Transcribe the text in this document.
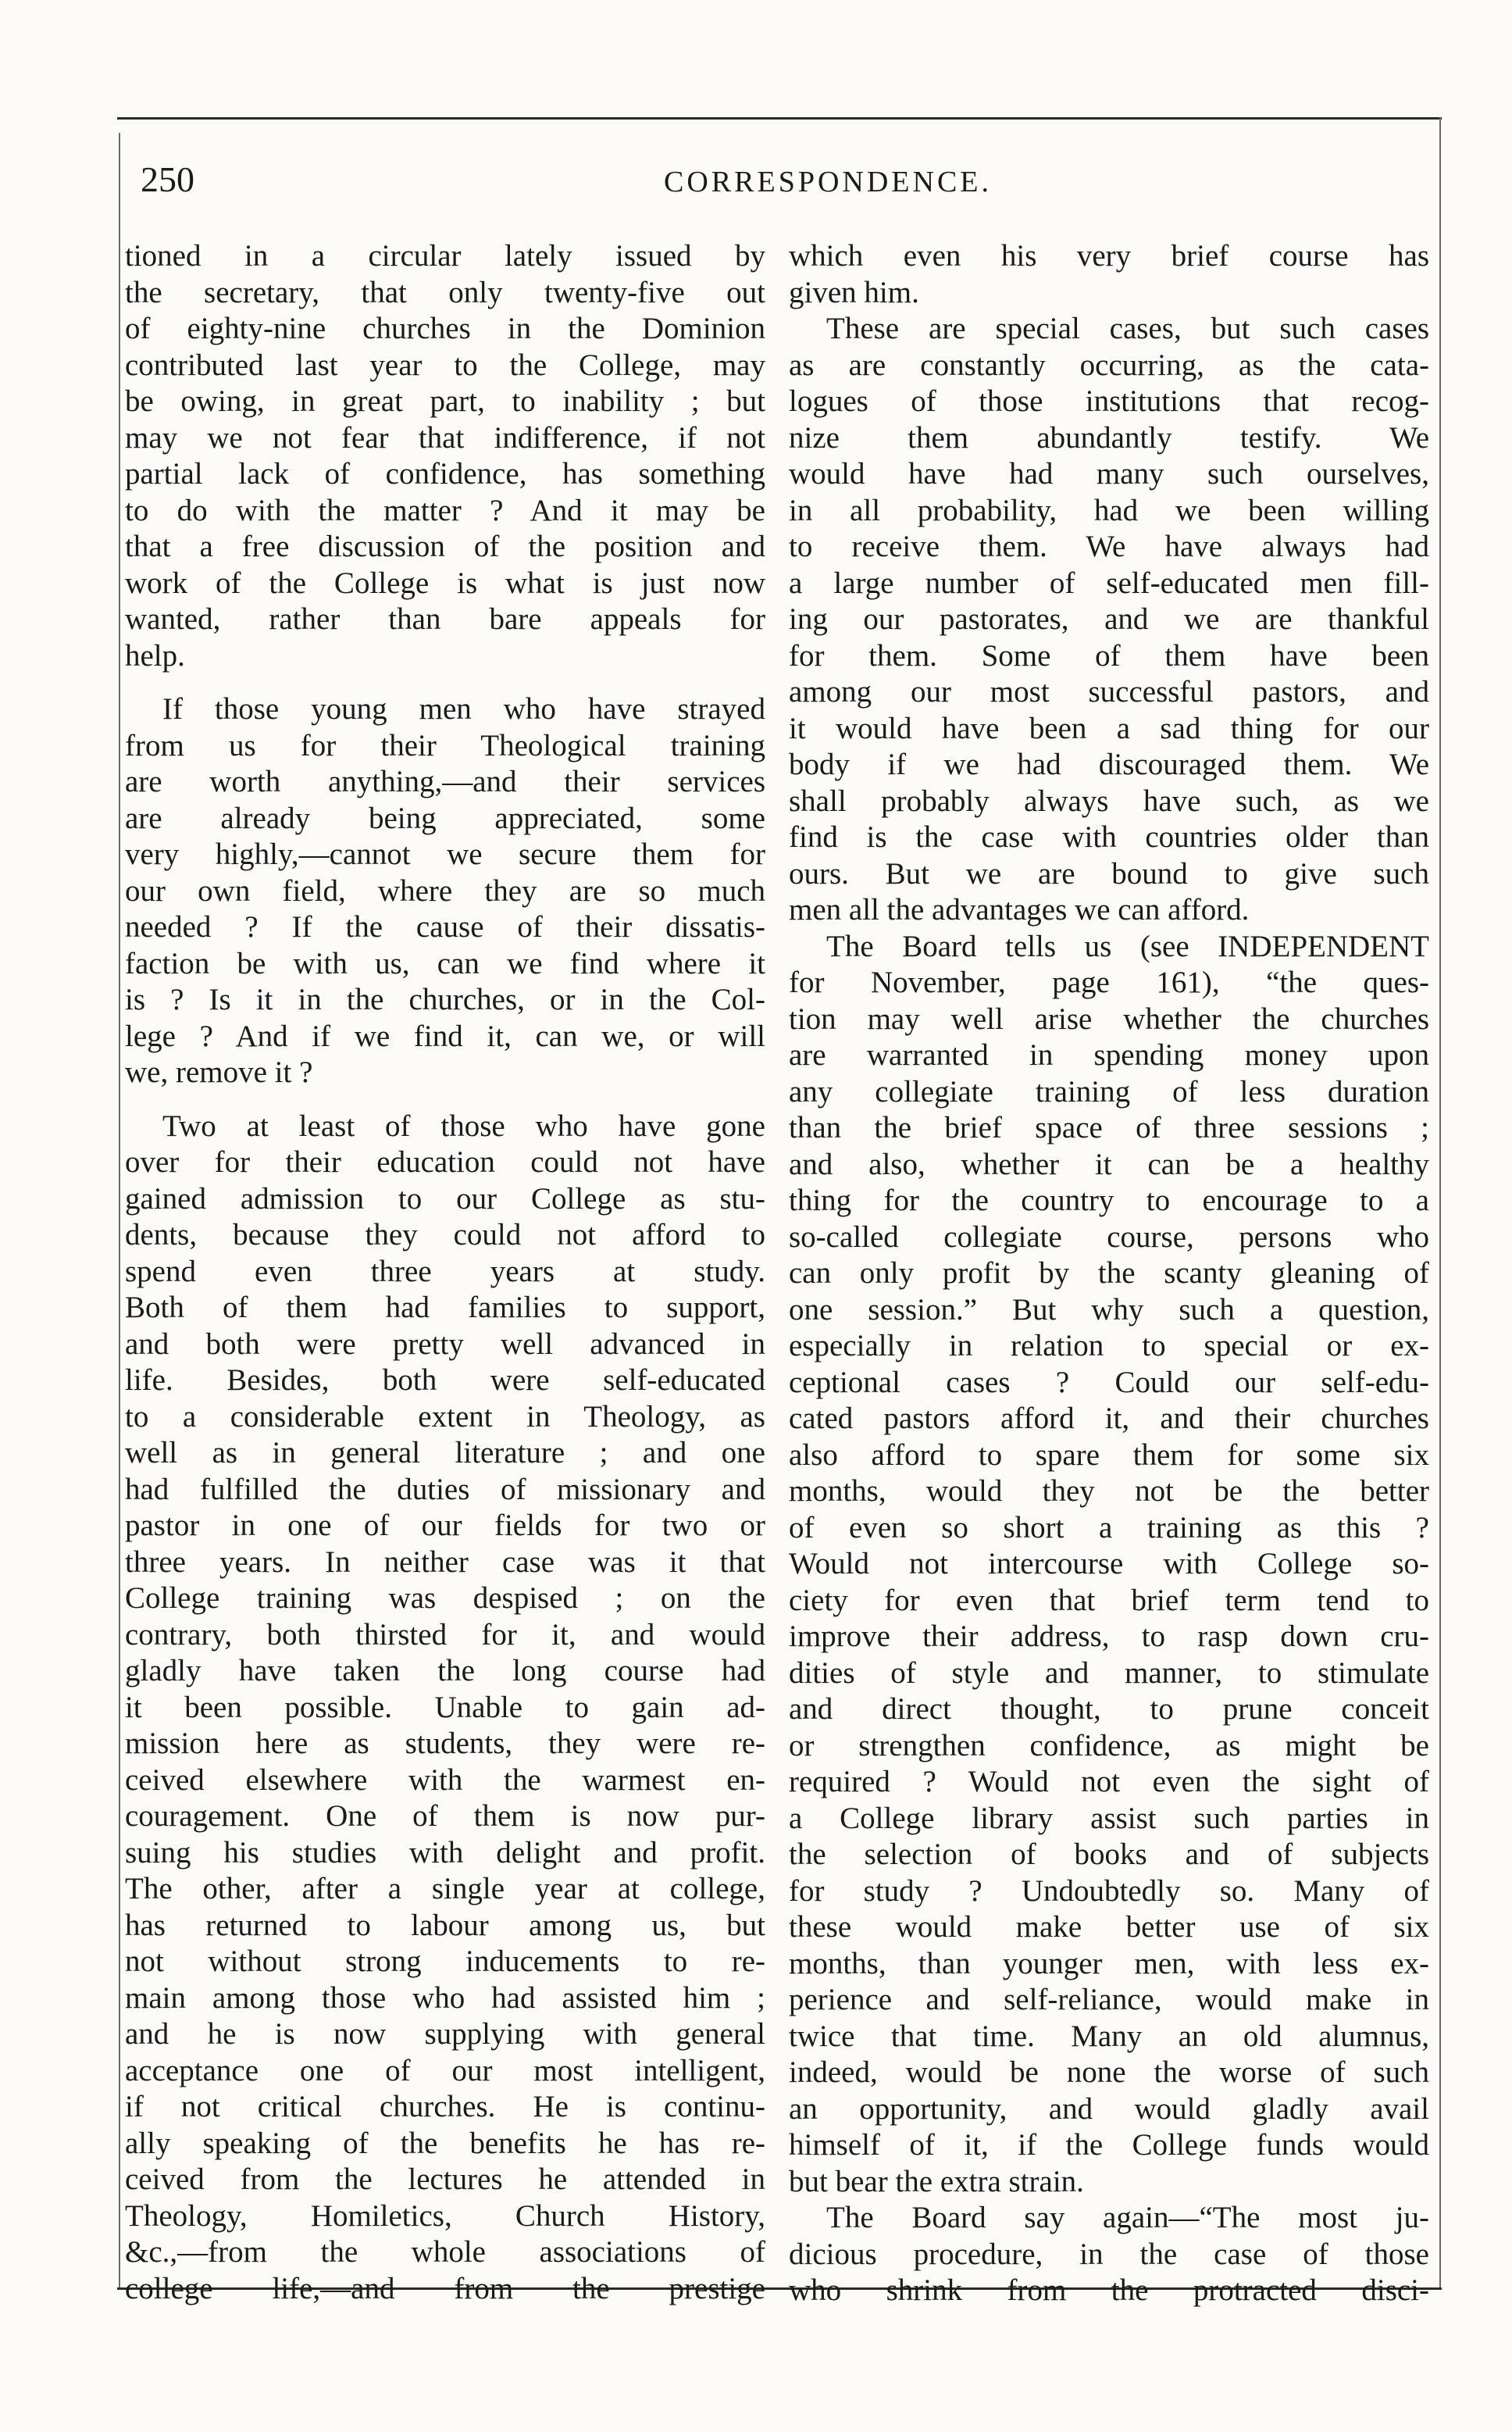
250	CORRESPONDENCE.

tioned in a circular lately issued by

the secretary, that only twenty-five out

of eighty-nine churches in the Dominion

contributed last year to the College, may

be owing, in great part, to inability ; but

may we not fear that indifference, if not

partial lack of confidence, has something

to do with the matter ? And it may be

that a free discussion of the position and

work of the College is what is just now

wanted, rather than bare appeals for

help.

If those young men who have strayed

from us for their Theological training

are worth anything,—and their services

are already being appreciated, some

very highly,—cannot we secure them for

our own field, where they are so much

needed ? If the cause of their dissatis-

faction be with us, can we find where it

is ? Is it in the churches, or in the Col-

lege ? And if we find it, can we, or will

we, remove it ?

Two at least of those who have gone

over for their education could not have

gained admission to our College as stu-

dents, because they could not afford to

spend even three years at study.

Both of them had families to support,

and both were pretty well advanced in

life. Besides, both were self-educated

to a considerable extent in Theology, as

well as in general literature ; and one

had fulfilled the duties of missionary and

pastor in one of our fields for two or

three years. In neither case was it that

College training was despised ; on the

contrary, both thirsted for it, and would

gladly have taken the long course had

it been possible. Unable to gain ad-

mission here as students, they were re-

ceived elsewhere with the warmest en-

couragement. One of them is now pur-

suing his studies with delight and profit.

The other, after a single year at college,

has returned to labour among us, but

not without strong inducements to re-

main among those who had assisted him ;

and he is now supplying with general

acceptance one of our most intelligent,

if not critical churches. He is continu-

ally speaking of the benefits he has re-

ceived from the lectures he attended in

Theology, Homiletics, Church History,

&c.,—from the whole associations of

college life,—and from the prestige

which even his very brief course has

given him.

These are special cases, but such cases

as are constantly occurring, as the cata-

logues of those institutions that recog-

nize them abundantly testify. We

would have had many such ourselves,

in all probability, had we been willing

to receive them. We have always had

a large number of self-educated men fill-

ing our pastorates, and we are thankful

for them. Some of them have been

among our most successful pastors, and

it would have been a sad thing for our

body if we had discouraged them. We

shall probably always have such, as we

find is the case with countries older than

ours. But we are bound to give such

men all the advantages we can afford.

The Board tells us (see INDEPENDENT

for November, page 161), “the ques-

tion may well arise whether the churches

are warranted in spending money upon

any collegiate training of less duration

than the brief space of three sessions ;

and also, whether it can be a healthy

thing for the country to encourage to a

so-called collegiate course, persons who

can only profit by the scanty gleaning of

one session.” But why such a question,

especially in relation to special or ex-

ceptional cases ? Could our self-edu-

cated pastors afford it, and their churches

also afford to spare them for some six

months, would they not be the better

of even so short a training as this ?

Would not intercourse with College so-

ciety for even that brief term tend to

improve their address, to rasp down cru-

dities of style and manner, to stimulate

and direct thought, to prune conceit

or strengthen confidence, as might be

required ? Would not even the sight of

a College library assist such parties in

the selection of books and of subjects

for study ? Undoubtedly so. Many of

these would make better use of six

months, than younger men, with less ex-

perience and self-reliance, would make in

twice that time. Many an old alumnus,

indeed, would be none the worse of such

an opportunity, and would gladly avail

himself of it, if the College funds would

but bear the extra strain.

The Board say again—“The most ju-

dicious procedure, in the case of those

who shrink from the protracted disci-
